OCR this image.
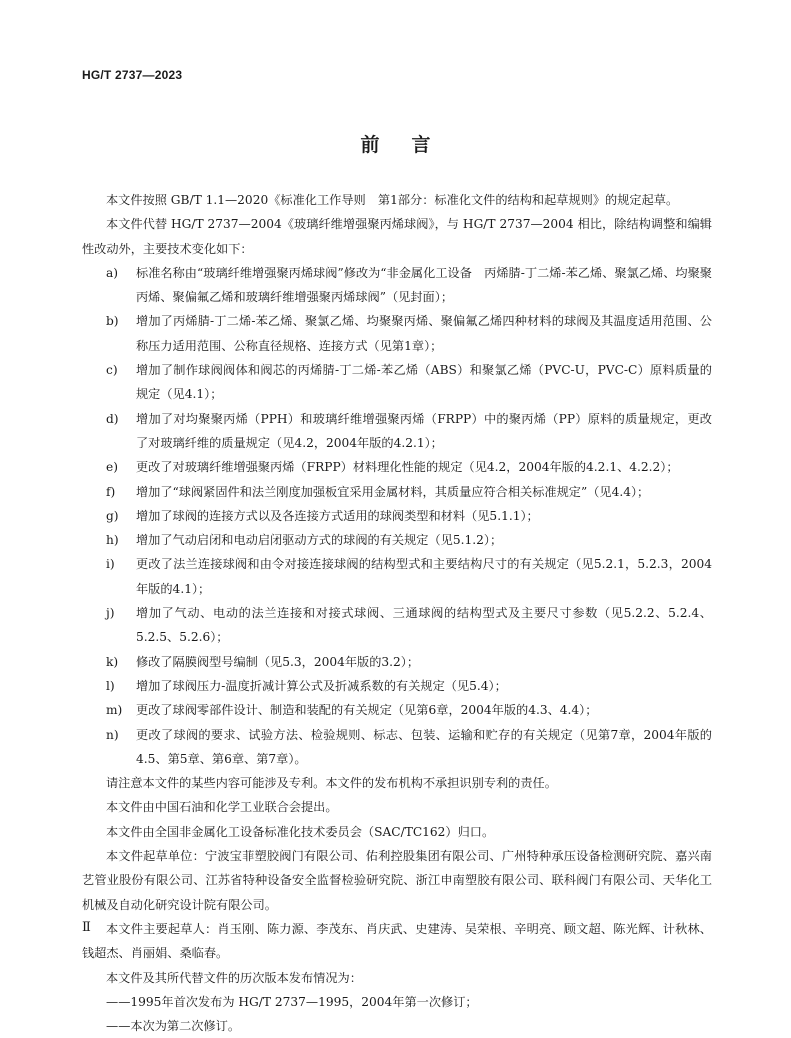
HG/T 2737—2023
前言

本文件按照 GB/T 1.1—2020《标准化工作导则　第1部分：标准化文件的结构和起草规则》的规定起草。

本文件代替 HG/T 2737—2004《玻璃纤维增强聚丙烯球阀》，与 HG/T 2737—2004 相比，除结构调整和编辑性改动外，主要技术变化如下：

a)	标准名称由“玻璃纤维增强聚丙烯球阀”修改为“非金属化工设备　丙烯腈-丁二烯-苯乙烯、聚氯乙烯、均聚聚丙烯、聚偏氟乙烯和玻璃纤维增强聚丙烯球阀”（见封面）；
b)	增加了丙烯腈-丁二烯-苯乙烯、聚氯乙烯、均聚聚丙烯、聚偏氟乙烯四种材料的球阀及其温度适用范围、公称压力适用范围、公称直径规格、连接方式（见第1章）；
c)	增加了制作球阀阀体和阀芯的丙烯腈-丁二烯-苯乙烯（ABS）和聚氯乙烯（PVC-U，PVC-C）原料质量的规定（见4.1）；
d)	增加了对均聚聚丙烯（PPH）和玻璃纤维增强聚丙烯（FRPP）中的聚丙烯（PP）原料的质量规定，更改了对玻璃纤维的质量规定（见4.2，2004年版的4.2.1）；
e)	更改了对玻璃纤维增强聚丙烯（FRPP）材料理化性能的规定（见4.2，2004年版的4.2.1、4.2.2）；
f)	增加了“球阀紧固件和法兰刚度加强板宜采用金属材料，其质量应符合相关标准规定”（见4.4）；
g)	增加了球阀的连接方式以及各连接方式适用的球阀类型和材料（见5.1.1）；
h)	增加了气动启闭和电动启闭驱动方式的球阀的有关规定（见5.1.2）；
i)	更改了法兰连接球阀和由令对接连接球阀的结构型式和主要结构尺寸的有关规定（见5.2.1，5.2.3，2004年版的4.1）；
j)	增加了气动、电动的法兰连接和对接式球阀、三通球阀的结构型式及主要尺寸参数（见5.2.2、5.2.4、5.2.5、5.2.6）；
k)	修改了隔膜阀型号编制（见5.3，2004年版的3.2）；
l)	增加了球阀压力-温度折减计算公式及折减系数的有关规定（见5.4）；
m)	更改了球阀零部件设计、制造和装配的有关规定（见第6章，2004年版的4.3、4.4）；
n)	更改了球阀的要求、试验方法、检验规则、标志、包装、运输和贮存的有关规定（见第7章，2004年版的4.5、第5章、第6章、第7章）。

请注意本文件的某些内容可能涉及专利。本文件的发布机构不承担识别专利的责任。

本文件由中国石油和化学工业联合会提出。

本文件由全国非金属化工设备标准化技术委员会（SAC/TC162）归口。

本文件起草单位：宁波宝菲塑胶阀门有限公司、佑利控股集团有限公司、广州特种承压设备检测研究院、嘉兴南艺管业股份有限公司、江苏省特种设备安全监督检验研究院、浙江申南塑胶有限公司、联科阀门有限公司、天华化工机械及自动化研究设计院有限公司。

本文件主要起草人：肖玉刚、陈力源、李茂东、肖庆武、史建涛、吴荣根、辛明亮、顾文超、陈光辉、计秋林、钱超杰、肖丽娟、桑临春。

本文件及其所代替文件的历次版本发布情况为：

——1995年首次发布为 HG/T 2737—1995，2004年第一次修订；

——本次为第二次修订。

Ⅱ
